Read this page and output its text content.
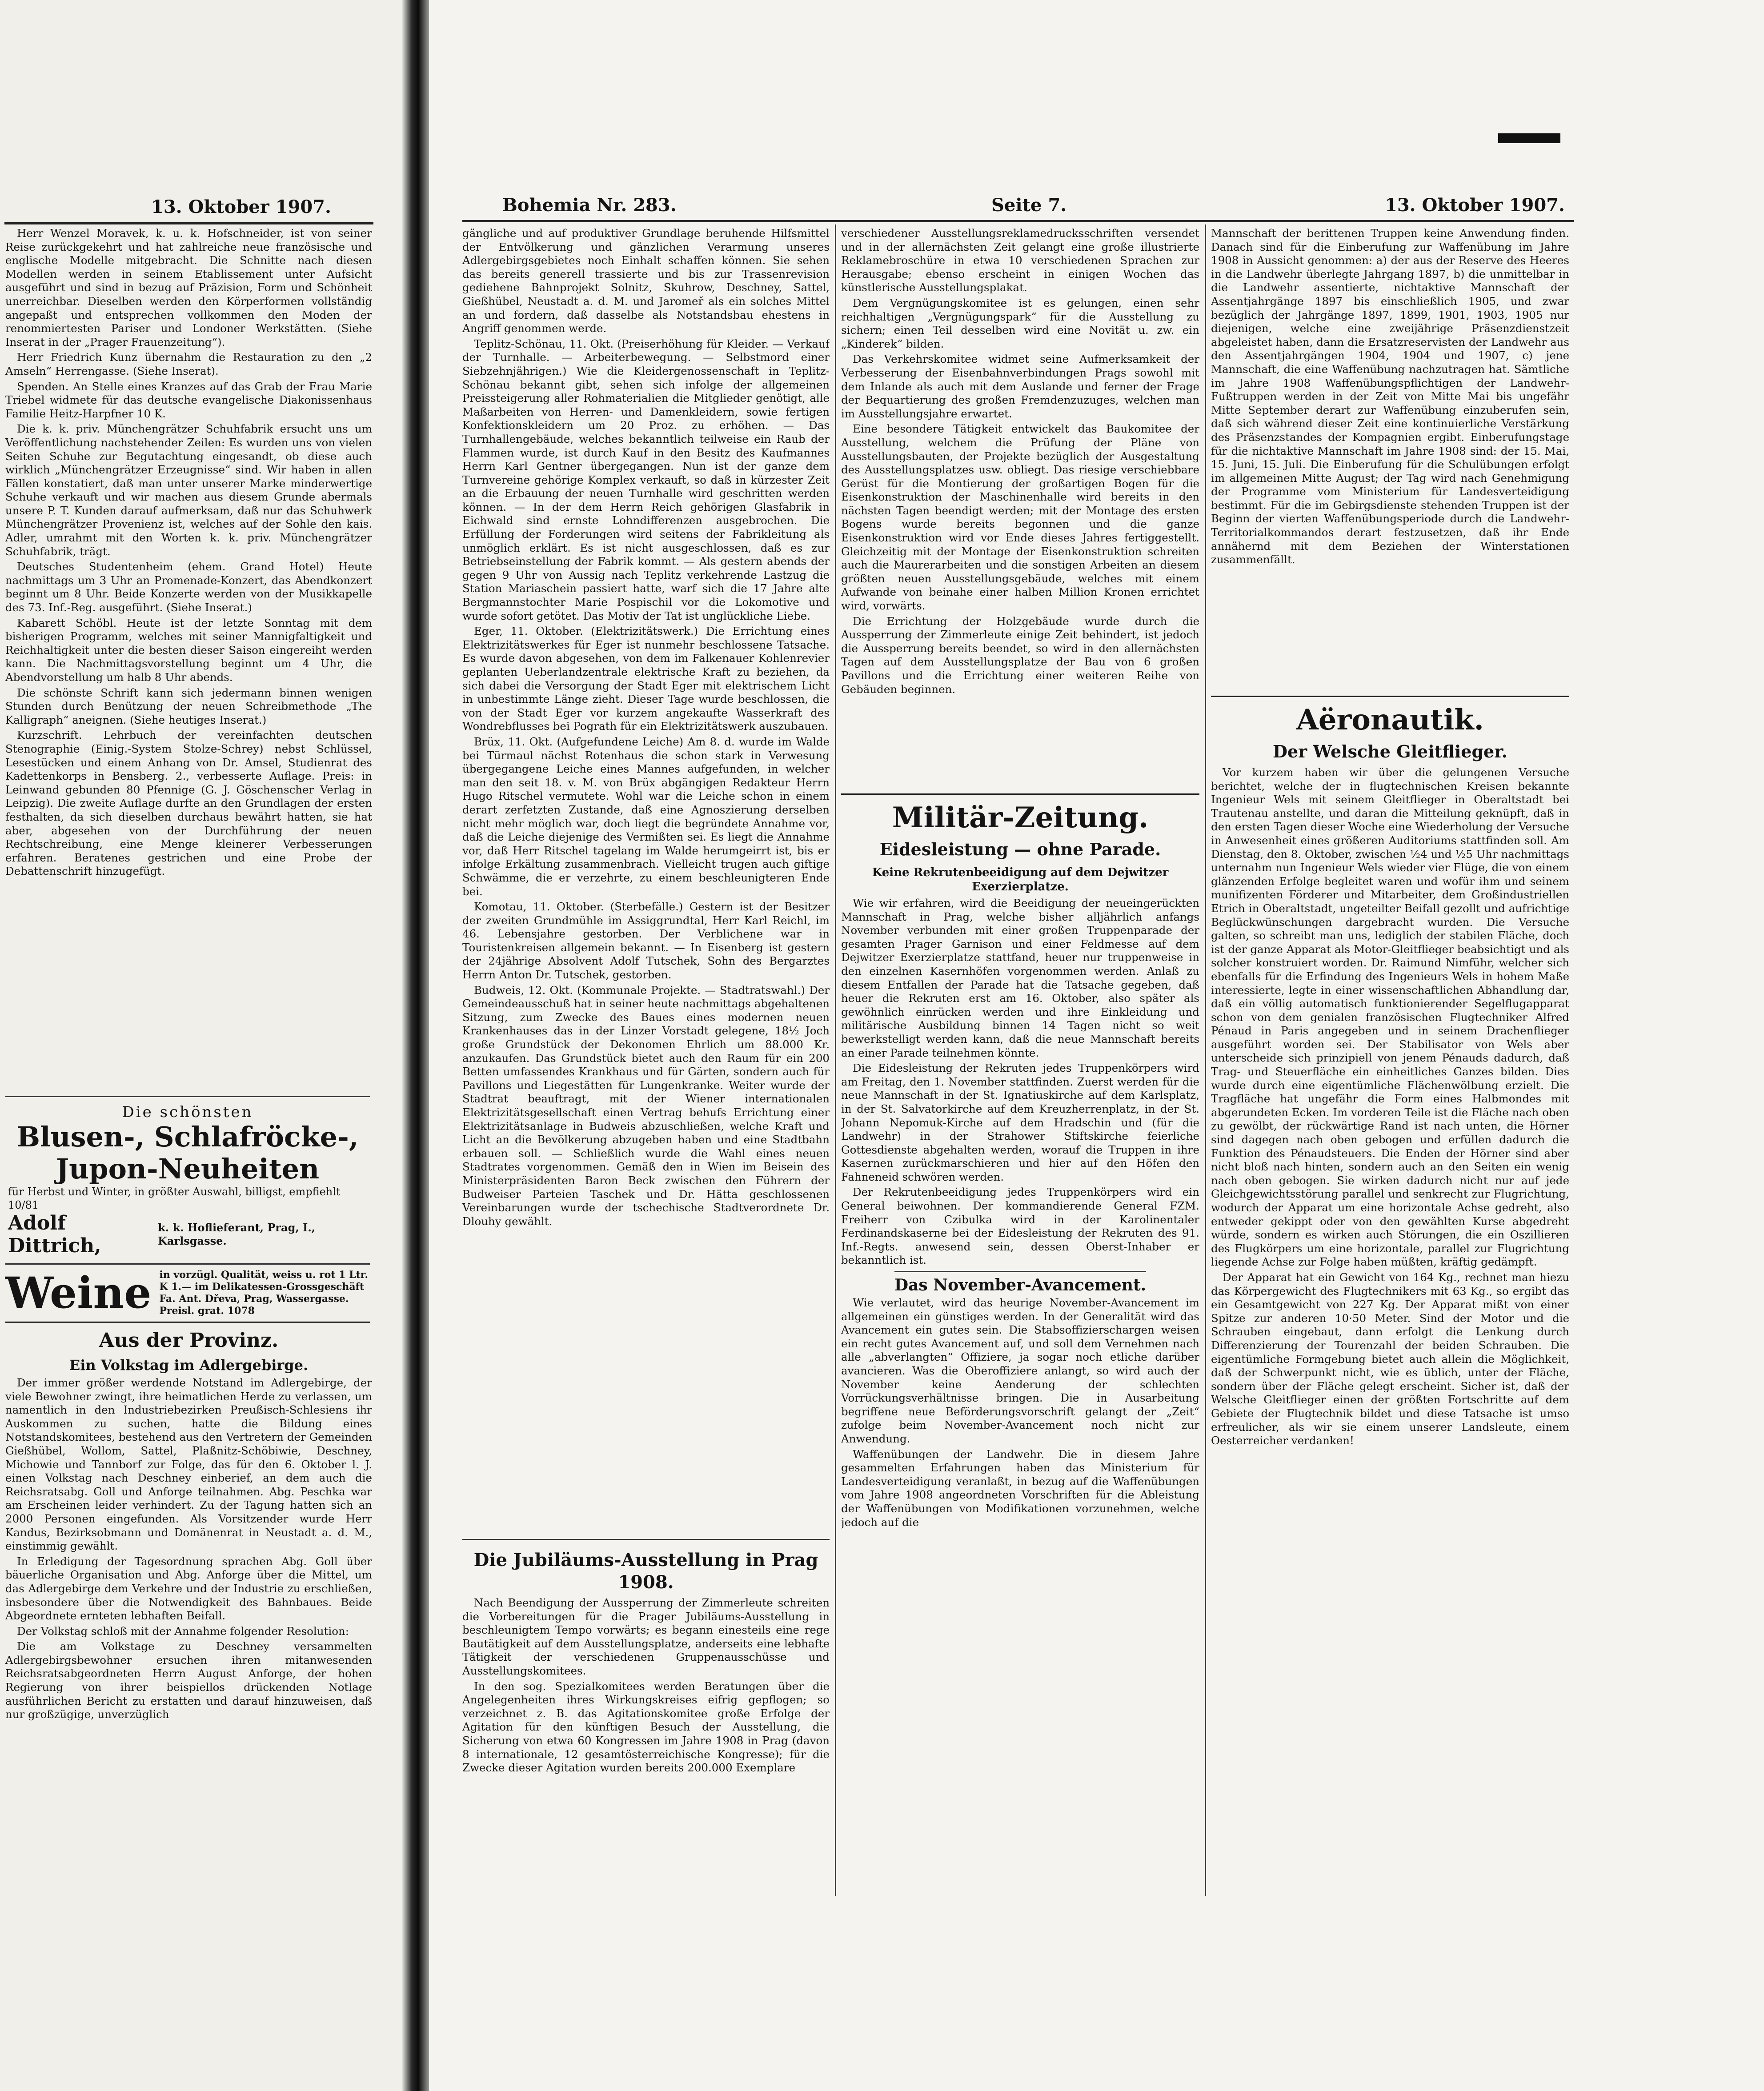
13. Oktober 1907.

Herr Wenzel Moravek, k. u. k. Hofschneider, ist von seiner Reise zurückgekehrt und hat zahlreiche neue französische und englische Modelle mitgebracht. Die Schnitte nach diesen Modellen werden in seinem Etablissement unter Aufsicht ausgeführt und sind in bezug auf Präzision, Form und Schönheit unerreichbar. Dieselben werden den Körperformen vollständig angepaßt und entsprechen vollkommen den Moden der renommiertesten Pariser und Londoner Werkstätten. (Siehe Inserat in der „Prager Frauenzeitung“).

Herr Friedrich Kunz übernahm die Restauration zu den „2 Amseln“ Herrengasse. (Siehe Inserat).

Spenden. An Stelle eines Kranzes auf das Grab der Frau Marie Triebel widmete für das deutsche evangelische Diakonissenhaus Familie Heitz-Harpfner 10 K.

Die k. k. priv. Münchengrätzer Schuhfabrik ersucht uns um Veröffentlichung nachstehender Zeilen: Es wurden uns von vielen Seiten Schuhe zur Begutachtung eingesandt, ob diese auch wirklich „Münchengrätzer Erzeugnisse“ sind. Wir haben in allen Fällen konstatiert, daß man unter unserer Marke minderwertige Schuhe verkauft und wir machen aus diesem Grunde abermals unsere P. T. Kunden darauf aufmerksam, daß nur das Schuhwerk Münchengrätzer Provenienz ist, welches auf der Sohle den kais. Adler, umrahmt mit den Worten k. k. priv. Münchengrätzer Schuhfabrik, trägt.

Deutsches Studentenheim (ehem. Grand Hotel) Heute nachmittags um 3 Uhr an Promenade-Konzert, das Abendkonzert beginnt um 8 Uhr. Beide Konzerte werden von der Musikkapelle des 73. Inf.-Reg. ausgeführt. (Siehe Inserat.)

Kabarett Schöbl. Heute ist der letzte Sonntag mit dem bisherigen Programm, welches mit seiner Mannigfaltigkeit und Reichhaltigkeit unter die besten dieser Saison eingereiht werden kann. Die Nachmittagsvorstellung beginnt um 4 Uhr, die Abendvorstellung um halb 8 Uhr abends.

Die schönste Schrift kann sich jedermann binnen wenigen Stunden durch Benützung der neuen Schreibmethode „The Kalligraph“ aneignen. (Siehe heutiges Inserat.)

Kurzschrift. Lehrbuch der vereinfachten deutschen Stenographie (Einig.-System Stolze-Schrey) nebst Schlüssel, Lesestücken und einem Anhang von Dr. Amsel, Studienrat des Kadettenkorps in Bensberg. 2., verbesserte Auflage. Preis: in Leinwand gebunden 80 Pfennige (G. J. Göschenscher Verlag in Leipzig). Die zweite Auflage durfte an den Grundlagen der ersten festhalten, da sich dieselben durchaus bewährt hatten, sie hat aber, abgesehen von der Durchführung der neuen Rechtschreibung, eine Menge kleinerer Verbesserungen erfahren. Beratenes gestrichen und eine Probe der Debattenschrift hinzugefügt.

Die schönsten
Blusen-, Schlafröcke-,
Jupon-Neuheiten
für Herbst und Winter, in größter Auswahl, billigst, empfiehlt 10/81
Adolf Dittrich,
k. k. Hoflieferant, Prag, I., Karlsgasse.
Weine in vorzügl. Qualität, weiss u. rot 1 Ltr. K 1.— im Delikatessen-Grossgeschäft Fa. Ant. Dřeva, Prag, Wassergasse. Preisl. grat. 1078
Aus der Provinz.
Ein Volkstag im Adlergebirge.

Der immer größer werdende Notstand im Adlergebirge, der viele Bewohner zwingt, ihre heimatlichen Herde zu verlassen, um namentlich in den Industriebezirken Preußisch-Schlesiens ihr Auskommen zu suchen, hatte die Bildung eines Notstandskomitees, bestehend aus den Vertretern der Gemeinden Gießhübel, Wollom, Sattel, Plaßnitz-Schöbiwie, Deschney, Michowie und Tannborf zur Folge, das für den 6. Oktober l. J. einen Volkstag nach Deschney einberief, an dem auch die Reichsratsabg. Goll und Anforge teilnahmen. Abg. Peschka war am Erscheinen leider verhindert. Zu der Tagung hatten sich an 2000 Personen eingefunden. Als Vorsitzender wurde Herr Kandus, Bezirksobmann und Domänenrat in Neustadt a. d. M., einstimmig gewählt.

In Erledigung der Tagesordnung sprachen Abg. Goll über bäuerliche Organisation und Abg. Anforge über die Mittel, um das Adlergebirge dem Verkehre und der Industrie zu erschließen, insbesondere über die Notwendigkeit des Bahnbaues. Beide Abgeordnete ernteten lebhaften Beifall.

Der Volkstag schloß mit der Annahme folgender Resolution:

Die am Volkstage zu Deschney versammelten Adlergebirgsbewohner ersuchen ihren mitanwesenden Reichsratsabgeordneten Herrn August Anforge, der hohen Regierung von ihrer beispiellos drückenden Notlage ausführlichen Bericht zu erstatten und darauf hinzuweisen, daß nur großzügige, unverzüglich

Bohemia Nr. 283.	Seite 7.	13. Oktober 1907.

gängliche und auf produktiver Grundlage beruhende Hilfsmittel der Entvölkerung und gänzlichen Verarmung unseres Adlergebirgsgebietes noch Einhalt schaffen können. Sie sehen das bereits generell trassierte und bis zur Trassenrevision gediehene Bahnprojekt Solnitz, Skuhrow, Deschney, Sattel, Gießhübel, Neustadt a. d. M. und Jaromeř als ein solches Mittel an und fordern, daß dasselbe als Notstandsbau ehestens in Angriff genommen werde.

Teplitz-Schönau, 11. Okt. (Preiserhöhung für Kleider. — Verkauf der Turnhalle. — Arbeiterbewegung. — Selbstmord einer Siebzehnjährigen.) Wie die Kleidergenossenschaft in Teplitz-Schönau bekannt gibt, sehen sich infolge der allgemeinen Preissteigerung aller Rohmaterialien die Mitglieder genötigt, alle Maßarbeiten von Herren- und Damenkleidern, sowie fertigen Konfektionskleidern um 20 Proz. zu erhöhen. — Das Turnhallengebäude, welches bekanntlich teilweise ein Raub der Flammen wurde, ist durch Kauf in den Besitz des Kaufmannes Herrn Karl Gentner übergegangen. Nun ist der ganze dem Turnvereine gehörige Komplex verkauft, so daß in kürzester Zeit an die Erbauung der neuen Turnhalle wird geschritten werden können. — In der dem Herrn Reich gehörigen Glasfabrik in Eichwald sind ernste Lohndifferenzen ausgebrochen. Die Erfüllung der Forderungen wird seitens der Fabrikleitung als unmöglich erklärt. Es ist nicht ausgeschlossen, daß es zur Betriebseinstellung der Fabrik kommt. — Als gestern abends der gegen 9 Uhr von Aussig nach Teplitz verkehrende Lastzug die Station Mariaschein passiert hatte, warf sich die 17 Jahre alte Bergmannstochter Marie Pospischil vor die Lokomotive und wurde sofort getötet. Das Motiv der Tat ist unglückliche Liebe.

Eger, 11. Oktober. (Elektrizitätswerk.) Die Errichtung eines Elektrizitätswerkes für Eger ist nunmehr beschlossene Tatsache. Es wurde davon abgesehen, von dem im Falkenauer Kohlenrevier geplanten Ueberlandzentrale elektrische Kraft zu beziehen, da sich dabei die Versorgung der Stadt Eger mit elektrischem Licht in unbestimmte Länge zieht. Dieser Tage wurde beschlossen, die von der Stadt Eger vor kurzem angekaufte Wasserkraft des Wondrebflusses bei Pograth für ein Elektrizitätswerk auszubauen.

Brüx, 11. Okt. (Aufgefundene Leiche) Am 8. d. wurde im Walde bei Türmaul nächst Rotenhaus die schon stark in Verwesung übergegangene Leiche eines Mannes aufgefunden, in welcher man den seit 18. v. M. von Brüx abgängigen Redakteur Herrn Hugo Ritschel vermutete. Wohl war die Leiche schon in einem derart zerfetzten Zustande, daß eine Agnoszierung derselben nicht mehr möglich war, doch liegt die begründete Annahme vor, daß die Leiche diejenige des Vermißten sei. Es liegt die Annahme vor, daß Herr Ritschel tagelang im Walde herumgeirrt ist, bis er infolge Erkältung zusammenbrach. Vielleicht trugen auch giftige Schwämme, die er verzehrte, zu einem beschleunigteren Ende bei.

Komotau, 11. Oktober. (Sterbefälle.) Gestern ist der Besitzer der zweiten Grundmühle im Assiggrundtal, Herr Karl Reichl, im 46. Lebensjahre gestorben. Der Verblichene war in Touristenkreisen allgemein bekannt. — In Eisenberg ist gestern der 24jährige Absolvent Adolf Tutschek, Sohn des Bergarztes Herrn Anton Dr. Tutschek, gestorben.

Budweis, 12. Okt. (Kommunale Projekte. — Stadtratswahl.) Der Gemeindeausschuß hat in seiner heute nachmittags abgehaltenen Sitzung, zum Zwecke des Baues eines modernen neuen Krankenhauses das in der Linzer Vorstadt gelegene, 18½ Joch große Grundstück der Dekonomen Ehrlich um 88.000 Kr. anzukaufen. Das Grundstück bietet auch den Raum für ein 200 Betten umfassendes Krankhaus und für Gärten, sondern auch für Pavillons und Liegestätten für Lungenkranke. Weiter wurde der Stadtrat beauftragt, mit der Wiener internationalen Elektrizitätsgesellschaft einen Vertrag behufs Errichtung einer Elektrizitätsanlage in Budweis abzuschließen, welche Kraft und Licht an die Bevölkerung abzugeben haben und eine Stadtbahn erbauen soll. — Schließlich wurde die Wahl eines neuen Stadtrates vorgenommen. Gemäß den in Wien im Beisein des Ministerpräsidenten Baron Beck zwischen den Führern der Budweiser Parteien Taschek und Dr. Hätta geschlossenen Vereinbarungen wurde der tschechische Stadtverordnete Dr. Dlouhy gewählt.

Die Jubiläums-Ausstellung in Prag 1908.

Nach Beendigung der Aussperrung der Zimmerleute schreiten die Vorbereitungen für die Prager Jubiläums-Ausstellung in beschleunigtem Tempo vorwärts; es begann einesteils eine rege Bautätigkeit auf dem Ausstellungsplatze, anderseits eine lebhafte Tätigkeit der verschiedenen Gruppenausschüsse und Ausstellungskomitees.

In den sog. Spezialkomitees werden Beratungen über die Angelegenheiten ihres Wirkungskreises eifrig gepflogen; so verzeichnet z. B. das Agitationskomitee große Erfolge der Agitation für den künftigen Besuch der Ausstellung, die Sicherung von etwa 60 Kongressen im Jahre 1908 in Prag (davon 8 internationale, 12 gesamtösterreichische Kongresse); für die Zwecke dieser Agitation wurden bereits 200.000 Exemplare

verschiedener Ausstellungsreklamedrucksschriften versendet und in der allernächsten Zeit gelangt eine große illustrierte Reklamebroschüre in etwa 10 verschiedenen Sprachen zur Herausgabe; ebenso erscheint in einigen Wochen das künstlerische Ausstellungsplakat.

Dem Vergnügungskomitee ist es gelungen, einen sehr reichhaltigen „Vergnügungspark“ für die Ausstellung zu sichern; einen Teil desselben wird eine Novität u. zw. ein „Kinderek“ bilden.

Das Verkehrskomitee widmet seine Aufmerksamkeit der Verbesserung der Eisenbahnverbindungen Prags sowohl mit dem Inlande als auch mit dem Auslande und ferner der Frage der Bequartierung des großen Fremdenzuzuges, welchen man im Ausstellungsjahre erwartet.

Eine besondere Tätigkeit entwickelt das Baukomitee der Ausstellung, welchem die Prüfung der Pläne von Ausstellungsbauten, der Projekte bezüglich der Ausgestaltung des Ausstellungsplatzes usw. obliegt. Das riesige verschiebbare Gerüst für die Montierung der großartigen Bogen für die Eisenkonstruktion der Maschinenhalle wird bereits in den nächsten Tagen beendigt werden; mit der Montage des ersten Bogens wurde bereits begonnen und die ganze Eisenkonstruktion wird vor Ende dieses Jahres fertiggestellt. Gleichzeitig mit der Montage der Eisenkonstruktion schreiten auch die Maurerarbeiten und die sonstigen Arbeiten an diesem größten neuen Ausstellungsgebäude, welches mit einem Aufwande von beinahe einer halben Million Kronen errichtet wird, vorwärts.

Die Errichtung der Holzgebäude wurde durch die Aussperrung der Zimmerleute einige Zeit behindert, ist jedoch die Aussperrung bereits beendet, so wird in den allernächsten Tagen auf dem Ausstellungsplatze der Bau von 6 großen Pavillons und die Errichtung einer weiteren Reihe von Gebäuden beginnen.

Militär-Zeitung.
Eidesleistung — ohne Parade.
Keine Rekrutenbeeidigung auf dem Dejwitzer Exerzierplatze.

Wie wir erfahren, wird die Beeidigung der neueingerückten Mannschaft in Prag, welche bisher alljährlich anfangs November verbunden mit einer großen Truppenparade der gesamten Prager Garnison und einer Feldmesse auf dem Dejwitzer Exerzierplatze stattfand, heuer nur truppenweise in den einzelnen Kasernhöfen vorgenommen werden. Anlaß zu diesem Entfallen der Parade hat die Tatsache gegeben, daß heuer die Rekruten erst am 16. Oktober, also später als gewöhnlich einrücken werden und ihre Einkleidung und militärische Ausbildung binnen 14 Tagen nicht so weit bewerkstelligt werden kann, daß die neue Mannschaft bereits an einer Parade teilnehmen könnte.

Die Eidesleistung der Rekruten jedes Truppenkörpers wird am Freitag, den 1. November stattfinden. Zuerst werden für die neue Mannschaft in der St. Ignatiuskirche auf dem Karlsplatz, in der St. Salvatorkirche auf dem Kreuzherrenplatz, in der St. Johann Nepomuk-Kirche auf dem Hradschin und (für die Landwehr) in der Strahower Stiftskirche feierliche Gottesdienste abgehalten werden, worauf die Truppen in ihre Kasernen zurückmarschieren und hier auf den Höfen den Fahneneid schwören werden.

Der Rekrutenbeeidigung jedes Truppenkörpers wird ein General beiwohnen. Der kommandierende General FZM. Freiherr von Czibulka wird in der Karolinentaler Ferdinandskaserne bei der Eidesleistung der Rekruten des 91. Inf.-Regts. anwesend sein, dessen Oberst-Inhaber er bekanntlich ist.

Das November-Avancement.

Wie verlautet, wird das heurige November-Avancement im allgemeinen ein günstiges werden. In der Generalität wird das Avancement ein gutes sein. Die Stabsoffizierschargen weisen ein recht gutes Avancement auf, und soll dem Vernehmen nach alle „abverlangten“ Offiziere, ja sogar noch etliche darüber avancieren. Was die Oberoffiziere anlangt, so wird auch der November keine Aenderung der schlechten Vorrückungsverhältnisse bringen. Die in Ausarbeitung begriffene neue Beförderungsvorschrift gelangt der „Zeit“ zufolge beim November-Avancement noch nicht zur Anwendung.

Waffenübungen der Landwehr. Die in diesem Jahre gesammelten Erfahrungen haben das Ministerium für Landesverteidigung veranlaßt, in bezug auf die Waffenübungen vom Jahre 1908 angeordneten Vorschriften für die Ableistung der Waffenübungen von Modifikationen vorzunehmen, welche jedoch auf die

Mannschaft der berittenen Truppen keine Anwendung finden. Danach sind für die Einberufung zur Waffenübung im Jahre 1908 in Aussicht genommen: a) der aus der Reserve des Heeres in die Landwehr überlegte Jahrgang 1897, b) die unmittelbar in die Landwehr assentierte, nichtaktive Mannschaft der Assentjahrgänge 1897 bis einschließlich 1905, und zwar bezüglich der Jahrgänge 1897, 1899, 1901, 1903, 1905 nur diejenigen, welche eine zweijährige Präsenzdienstzeit abgeleistet haben, dann die Ersatzreservisten der Landwehr aus den Assentjahrgängen 1904, 1904 und 1907, c) jene Mannschaft, die eine Waffenübung nachzutragen hat. Sämtliche im Jahre 1908 Waffenübungspflichtigen der Landwehr-Fußtruppen werden in der Zeit von Mitte Mai bis ungefähr Mitte September derart zur Waffenübung einzuberufen sein, daß sich während dieser Zeit eine kontinuierliche Verstärkung des Präsenzstandes der Kompagnien ergibt. Einberufungstage für die nichtaktive Mannschaft im Jahre 1908 sind: der 15. Mai, 15. Juni, 15. Juli. Die Einberufung für die Schulübungen erfolgt im allgemeinen Mitte August; der Tag wird nach Genehmigung der Programme vom Ministerium für Landesverteidigung bestimmt. Für die im Gebirgsdienste stehenden Truppen ist der Beginn der vierten Waffenübungsperiode durch die Landwehr-Territorialkommandos derart festzusetzen, daß ihr Ende annähernd mit dem Beziehen der Winterstationen zusammenfällt.

Aëronautik.
Der Welsche Gleitflieger.

Vor kurzem haben wir über die gelungenen Versuche berichtet, welche der in flugtechnischen Kreisen bekannte Ingenieur Wels mit seinem Gleitflieger in Oberaltstadt bei Trautenau anstellte, und daran die Mitteilung geknüpft, daß in den ersten Tagen dieser Woche eine Wiederholung der Versuche in Anwesenheit eines größeren Auditoriums stattfinden soll. Am Dienstag, den 8. Oktober, zwischen ½4 und ½5 Uhr nachmittags unternahm nun Ingenieur Wels wieder vier Flüge, die von einem glänzenden Erfolge begleitet waren und wofür ihm und seinem munifizenten Förderer und Mitarbeiter, dem Großindustriellen Etrich in Oberaltstadt, ungeteilter Beifall gezollt und aufrichtige Beglückwünschungen dargebracht wurden. Die Versuche galten, so schreibt man uns, lediglich der stabilen Fläche, doch ist der ganze Apparat als Motor-Gleitflieger beabsichtigt und als solcher konstruiert worden. Dr. Raimund Nimführ, welcher sich ebenfalls für die Erfindung des Ingenieurs Wels in hohem Maße interessierte, legte in einer wissenschaftlichen Abhandlung dar, daß ein völlig automatisch funktionierender Segelflugapparat schon von dem genialen französischen Flugtechniker Alfred Pénaud in Paris angegeben und in seinem Drachenflieger ausgeführt worden sei. Der Stabilisator von Wels aber unterscheide sich prinzipiell von jenem Pénauds dadurch, daß Trag- und Steuerfläche ein einheitliches Ganzes bilden. Dies wurde durch eine eigentümliche Flächenwölbung erzielt. Die Tragfläche hat ungefähr die Form eines Halbmondes mit abgerundeten Ecken. Im vorderen Teile ist die Fläche nach oben zu gewölbt, der rückwärtige Rand ist nach unten, die Hörner sind dagegen nach oben gebogen und erfüllen dadurch die Funktion des Pénaudsteuers. Die Enden der Hörner sind aber nicht bloß nach hinten, sondern auch an den Seiten ein wenig nach oben gebogen. Sie wirken dadurch nicht nur auf jede Gleichgewichtsstörung parallel und senkrecht zur Flugrichtung, wodurch der Apparat um eine horizontale Achse gedreht, also entweder gekippt oder von den gewählten Kurse abgedreht würde, sondern es wirken auch Störungen, die ein Oszillieren des Flugkörpers um eine horizontale, parallel zur Flugrichtung liegende Achse zur Folge haben müßten, kräftig gedämpft.

Der Apparat hat ein Gewicht von 164 Kg., rechnet man hiezu das Körpergewicht des Flugtechnikers mit 63 Kg., so ergibt das ein Gesamtgewicht von 227 Kg. Der Apparat mißt von einer Spitze zur anderen 10·50 Meter. Sind der Motor und die Schrauben eingebaut, dann erfolgt die Lenkung durch Differenzierung der Tourenzahl der beiden Schrauben. Die eigentümliche Formgebung bietet auch allein die Möglichkeit, daß der Schwerpunkt nicht, wie es üblich, unter der Fläche, sondern über der Fläche gelegt erscheint. Sicher ist, daß der Welsche Gleitflieger einen der größten Fortschritte auf dem Gebiete der Flugtechnik bildet und diese Tatsache ist umso erfreulicher, als wir sie einem unserer Landsleute, einem Oesterreicher verdanken!
